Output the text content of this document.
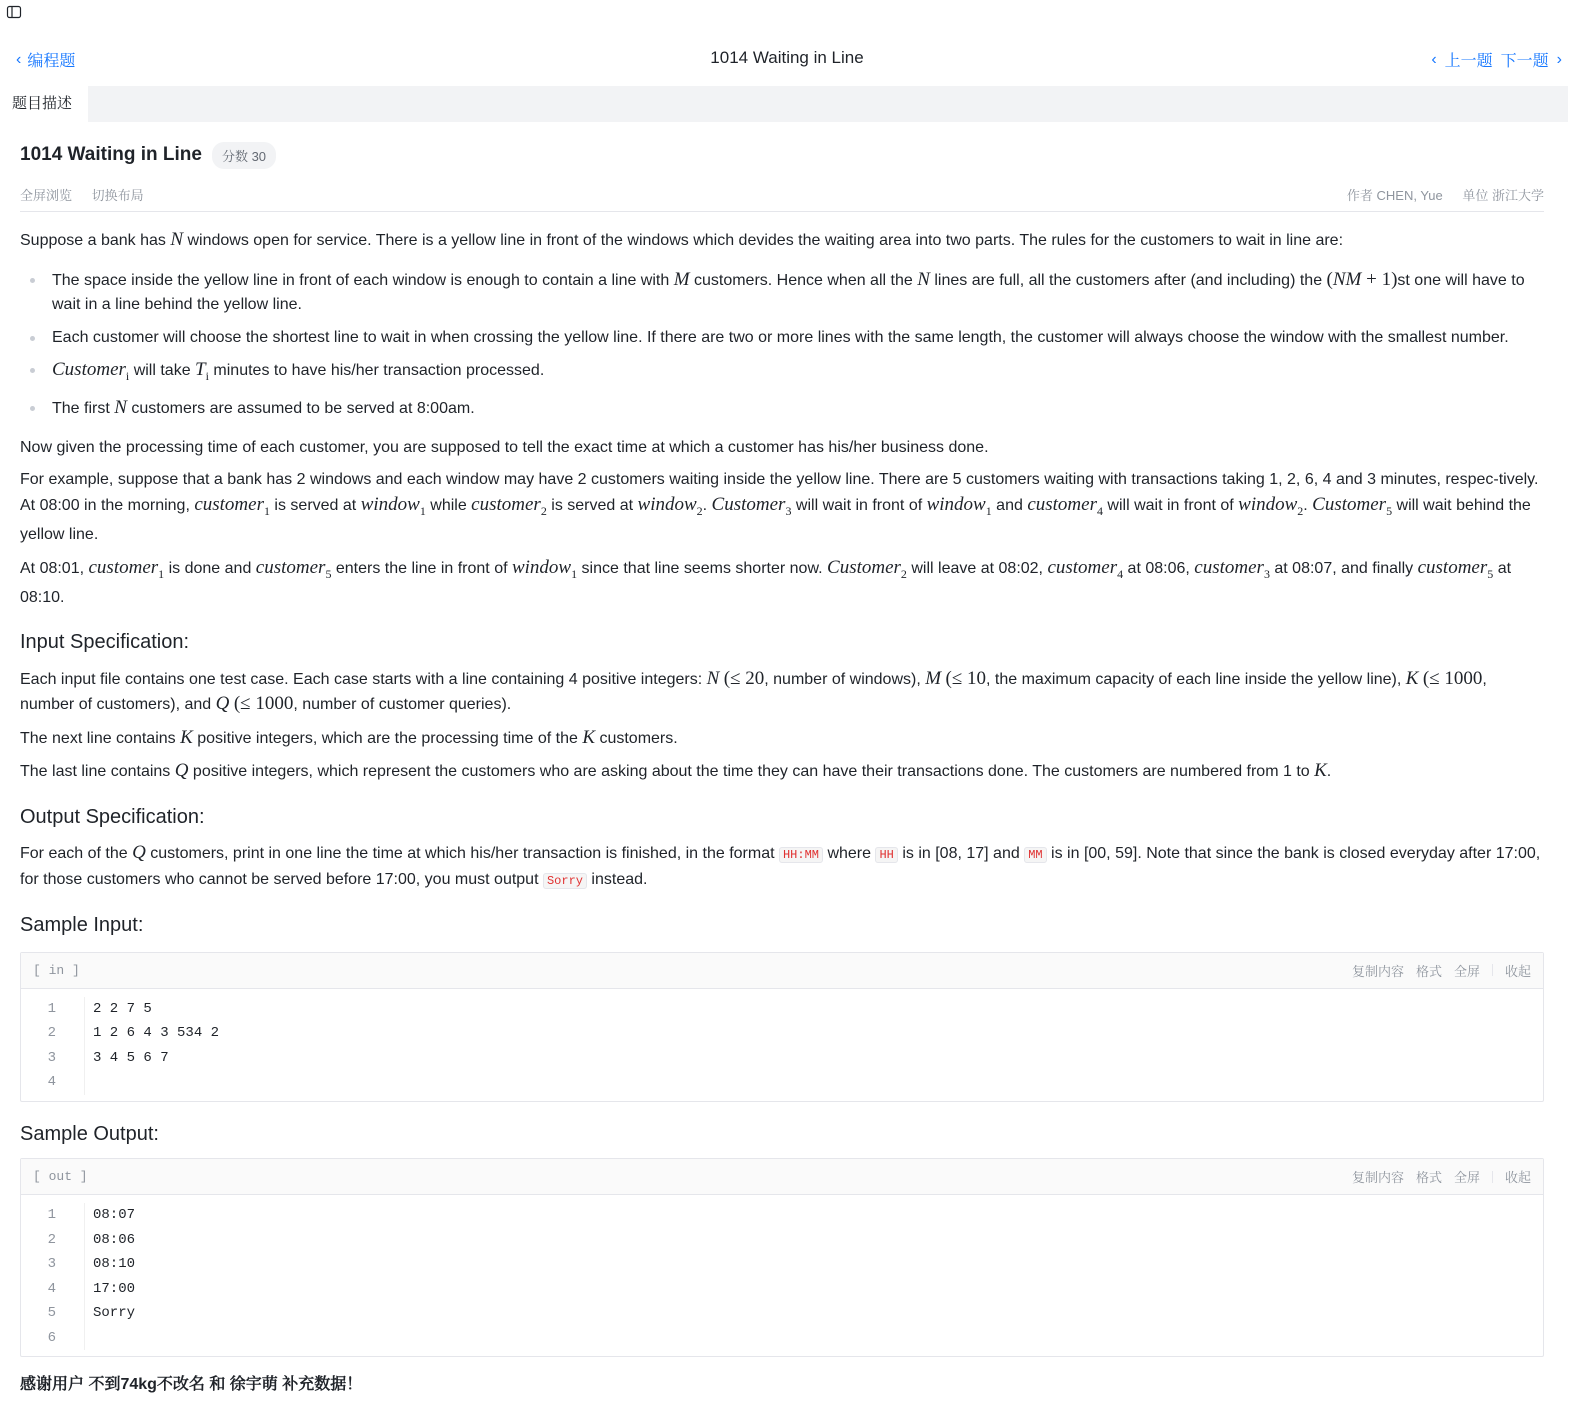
‹ 编程题	1014 Waiting in Line	‹ 上一题 下一题 ›
题目描述
1014 Waiting in Line	分数 30
全屏浏览 切换布局	作者 CHEN, Yue 单位 浙江大学

Suppose a bank has N windows open for service. There is a yellow line in front of the windows which devides the waiting area into two parts. The rules for the customers to wait in line are:

The space inside the yellow line in front of each window is enough to contain a line with M customers. Hence when all the N lines are full, all the customers after (and including) the (NM + 1)st one will have to wait in a line behind the yellow line.
Each customer will choose the shortest line to wait in when crossing the yellow line. If there are two or more lines with the same length, the customer will always choose the window with the smallest number.
Customer$_i$ will take $T_i$ minutes to have his/her transaction processed.
The first N customers are assumed to be served at 8:00am.

Now given the processing time of each customer, you are supposed to tell the exact time at which a customer has his/her business done.

For example, suppose that a bank has 2 windows and each window may have 2 customers waiting inside the yellow line. There are 5 customers waiting with transactions taking 1, 2, 6, 4 and 3 minutes, respec-tively. At 08:00 in the morning, customer$_1$ is served at window$_1$ while customer$_2$ is served at window$_2$. Customer$_3$ will wait in front of window$_1$ and customer$_4$ will wait in front of window$_2$. Customer$_5$ will wait behind the yellow line.

At 08:01, customer$_1$ is done and customer$_5$ enters the line in front of window$_1$ since that line seems shorter now. Customer$_2$ will leave at 08:02, customer$_4$ at 08:06, customer$_3$ at 08:07, and finally customer$_5$ at 08:10.

Input Specification:

Each input file contains one test case. Each case starts with a line containing 4 positive integers: N (≤ 20, number of windows), M (≤ 10, the maximum capacity of each line inside the yellow line), K (≤ 1000, number of customers), and Q (≤ 1000, number of customer queries).

The next line contains K positive integers, which are the processing time of the K customers.

The last line contains Q positive integers, which represent the customers who are asking about the time they can have their transactions done. The customers are numbered from 1 to K.

Output Specification:

For each of the Q customers, print in one line the time at which his/her transaction is finished, in the format HH:MM where HH is in [08, 17] and MM is in [00, 59]. Note that since the bank is closed everyday after 17:00, for those customers who cannot be served before 17:00, you must output Sorry instead.

Sample Input:
[ in ]	复制内容 格式 全屏 收起
1
2
3
4
2 2 7 5
1 2 6 4 3 534 2
3 4 5 6 7
Sample Output:
[ out ]	复制内容 格式 全屏 收起
1
2
3
4
5
6
08:07
08:06
08:10
17:00
Sorry
感谢用户 不到74kg不改名 和 徐宇萌 补充数据！
